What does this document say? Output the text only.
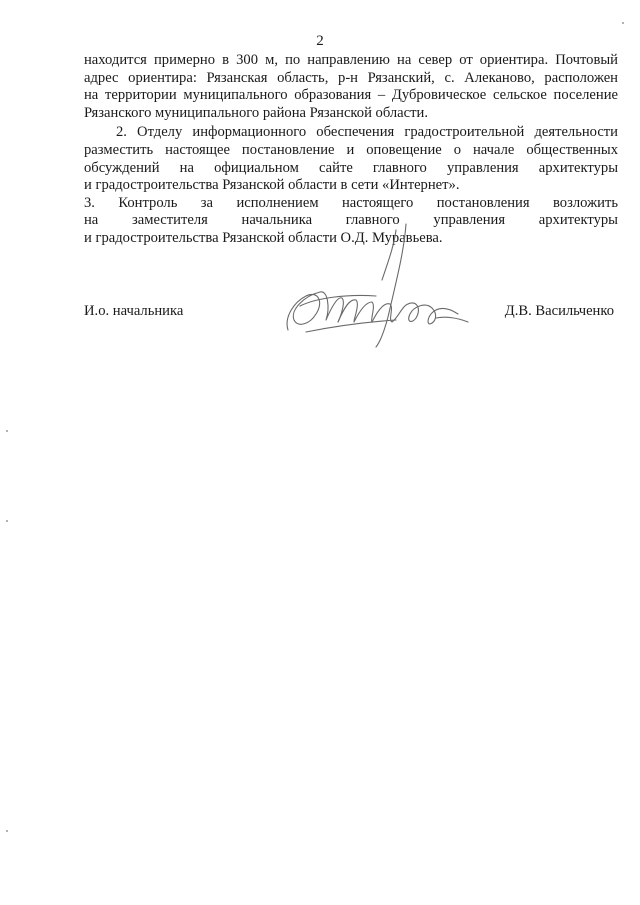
2
находится примерно в 300 м, по направлению на север от ориентира. Почтовый
адрес ориентира: Рязанская область, р-н Рязанский, с. Алеканово, расположен
на территории муниципального образования – Дубровичеcкое сельское поселение
Рязанского муниципального района Рязанской области.
2. Отделу информационного обеспечения градостроительной деятельности
разместить настоящее постановление и оповещение о начале общественных
обсуждений на официальном сайте главного управления архитектуры
и градостроительства Рязанской области в сети «Интернет».
3. Контроль за исполнением настоящего постановления возложить
на заместителя начальника главного управления архитектуры
и градостроительства Рязанской области О.Д. Муравьева.
И.о. начальника	Д.В. Васильченко
